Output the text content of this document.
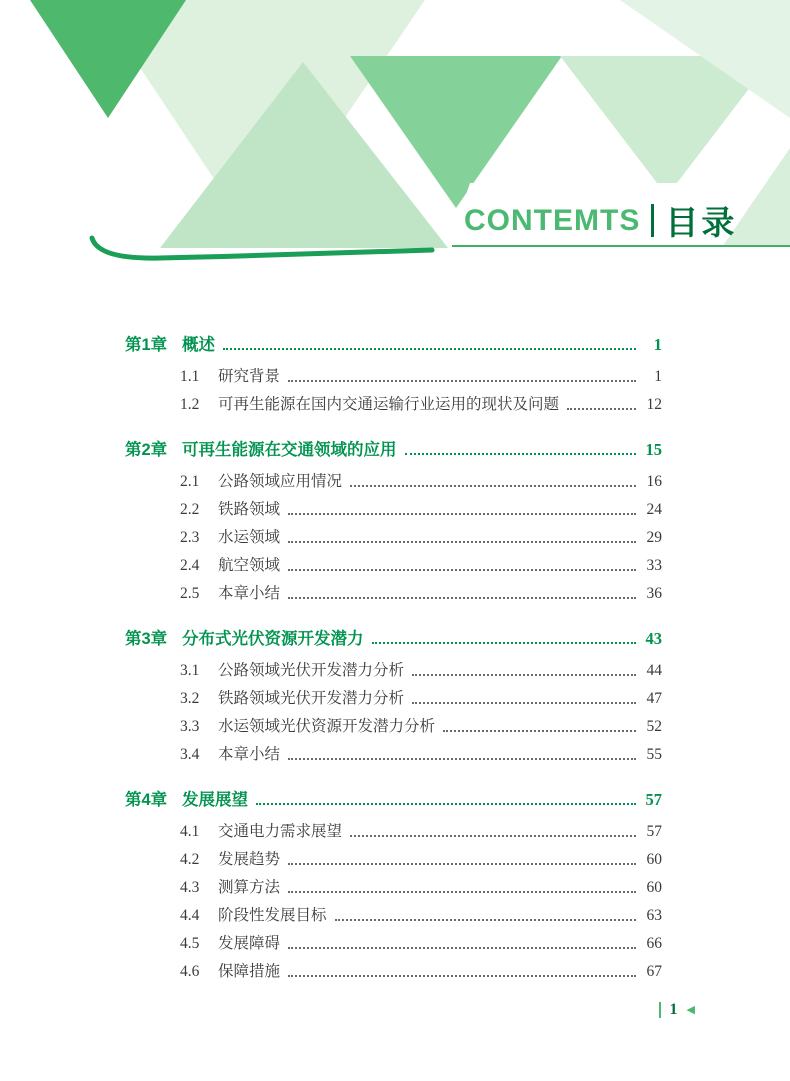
CONTEMTS 目录
第1章 概述	1
1.1	研究背景	1
1.2	可再生能源在国内交通运输行业运用的现状及问题	12
第2章 可再生能源在交通领域的应用	15
2.1	公路领域应用情况	16
2.2	铁路领域	24
2.3	水运领域	29
2.4	航空领域	33
2.5	本章小结	36
第3章 分布式光伏资源开发潜力	43
3.1	公路领域光伏开发潜力分析	44
3.2	铁路领域光伏开发潜力分析	47
3.3	水运领域光伏资源开发潜力分析	52
3.4	本章小结	55
第4章 发展展望	57
4.1	交通电力需求展望	57
4.2	发展趋势	60
4.3	测算方法	60
4.4	阶段性发展目标	63
4.5	发展障碍	66
4.6	保障措施	67
1 ◀
